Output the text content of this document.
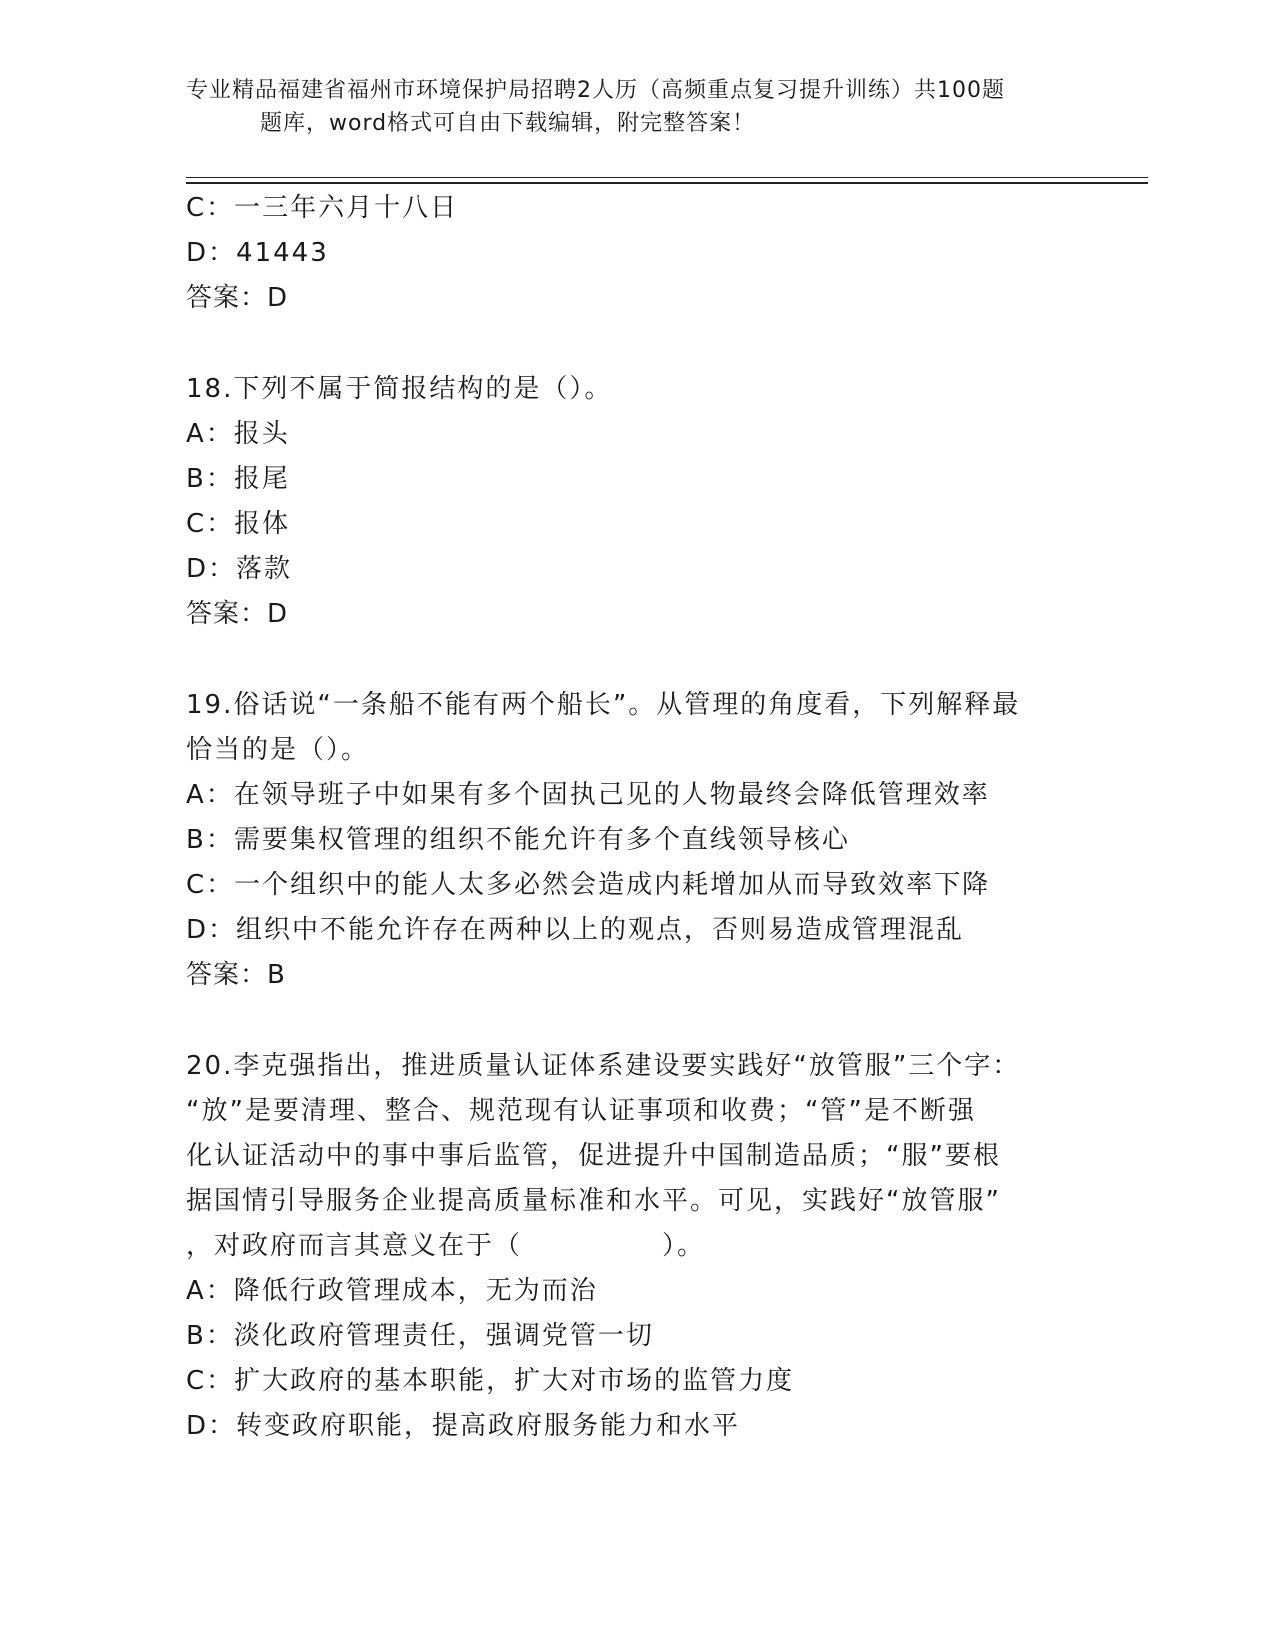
专业精品福建省福州市环境保护局招聘2人历（高频重点复习提升训练）共100题
题库，word格式可自由下载编辑，附完整答案！
C：一三年六月十八日
D：41443
答案：D
18.下列不属于简报结构的是（）。
A：报头
B：报尾
C：报体
D：落款
答案：D
19.俗话说“一条船不能有两个船长”。从管理的角度看，下列解释最
恰当的是（）。
A：在领导班子中如果有多个固执己见的人物最终会降低管理效率
B：需要集权管理的组织不能允许有多个直线领导核心
C：一个组织中的能人太多必然会造成内耗增加从而导致效率下降
D：组织中不能允许存在两种以上的观点，否则易造成管理混乱
答案：B
20.李克强指出，推进质量认证体系建设要实践好“放管服”三个字：
“放”是要清理、整合、规范现有认证事项和收费；“管”是不断强
化认证活动中的事中事后监管，促进提升中国制造品质；“服”要根
据国情引导服务企业提高质量标准和水平。可见，实践好“放管服”
，对政府而言其意义在于（　　　　　）。
A：降低行政管理成本，无为而治
B：淡化政府管理责任，强调党管一切
C：扩大政府的基本职能，扩大对市场的监管力度
D：转变政府职能，提高政府服务能力和水平
